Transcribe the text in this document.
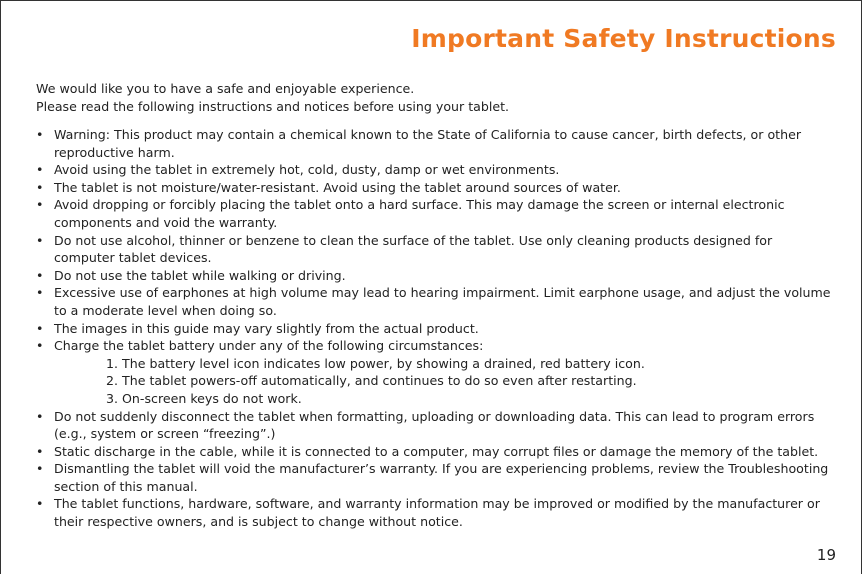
Important Safety Instructions
We would like you to have a safe and enjoyable experience.
Please read the following instructions and notices before using your tablet.
• Warning: This product may contain a chemical known to the State of California to cause cancer, birth defects, or other reproductive harm.
• Avoid using the tablet in extremely hot, cold, dusty, damp or wet environments.
• The tablet is not moisture/water-resistant. Avoid using the tablet around sources of water.
• Avoid dropping or forcibly placing the tablet onto a hard surface. This may damage the screen or internal electronic components and void the warranty.
• Do not use alcohol, thinner or benzene to clean the surface of the tablet. Use only cleaning products designed for computer tablet devices.
• Do not use the tablet while walking or driving.
• Excessive use of earphones at high volume may lead to hearing impairment. Limit earphone usage, and adjust the volume to a moderate level when doing so.
• The images in this guide may vary slightly from the actual product.
• Charge the tablet battery under any of the following circumstances:
1. The battery level icon indicates low power, by showing a drained, red battery icon.
2. The tablet powers-off automatically, and continues to do so even after restarting.
3. On-screen keys do not work.
• Do not suddenly disconnect the tablet when formatting, uploading or downloading data. This can lead to program errors (e.g., system or screen “freezing”.)
• Static discharge in the cable, while it is connected to a computer, may corrupt files or damage the memory of the tablet.
• Dismantling the tablet will void the manufacturer’s warranty. If you are experiencing problems, review the Troubleshooting section of this manual.
• The tablet functions, hardware, software, and warranty information may be improved or modified by the manufacturer or their respective owners, and is subject to change without notice.
19
